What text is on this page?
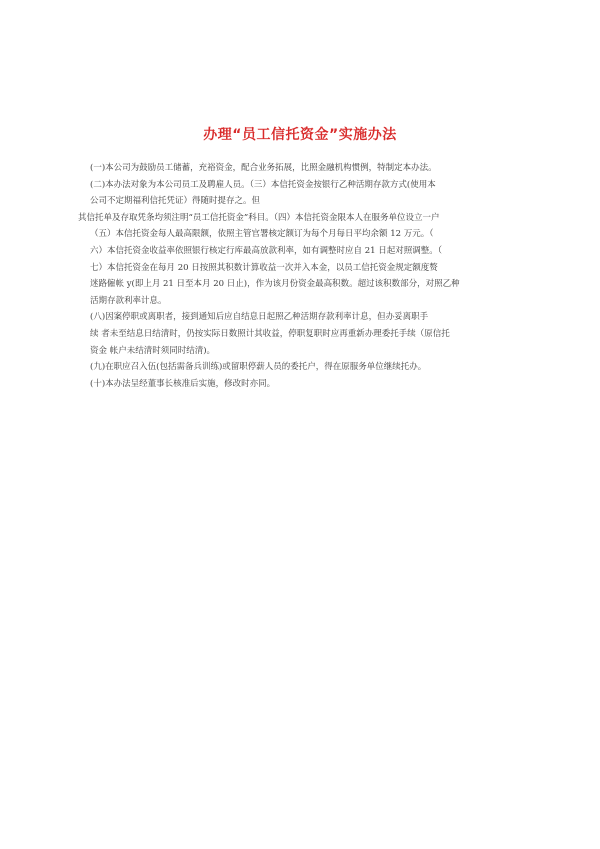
办理“员工信托资金”实施办法
(一)本公司为鼓励员工储蓄，充裕资金，配合业务拓展，比照金融机构惯例，特制定本办法。
(二)本办法对象为本公司员工及聘雇人员。（三）本信托资金按银行乙种活期存款方式(使用本
公司不定期福利信托凭证）得随时提存之。但
其信托单及存取凭条均须注明“员工信托资金”科目。（四）本信托资金限本人在服务单位设立一户
（五）本信托资金每人最高限额，依照主管官署核定额订为每个月每日平均余额 12 万元。（
六）本信托资金收益率依照银行核定行库最高放款利率，如有调整时应自 21 日起对照调整。（
七）本信托资金在每月 20 日按照其积数计算收益一次并入本金，以员工信托资金规定额度赘
迷路僱帐 y(即上月 21 日至本月 20 日止)，作为该月份资金最高积数。超过该积数部分，对照乙种
活期存款利率计息。
(八)因案停职或离职者，接到通知后应自结息日起照乙种活期存款利率计息，但办妥离职手
续 者未至结息日结清时，仍按实际日数照计其收益，停职复职时应再重新办理委托手续（原信托
资金 帐户未结清时须同时结清)。
(九)在职应召入伍(包括需备兵训练)或留职停薪人员的委托户，得在原服务单位继续托办。
(十)本办法呈经董事长核准后实施，修改时亦同。
